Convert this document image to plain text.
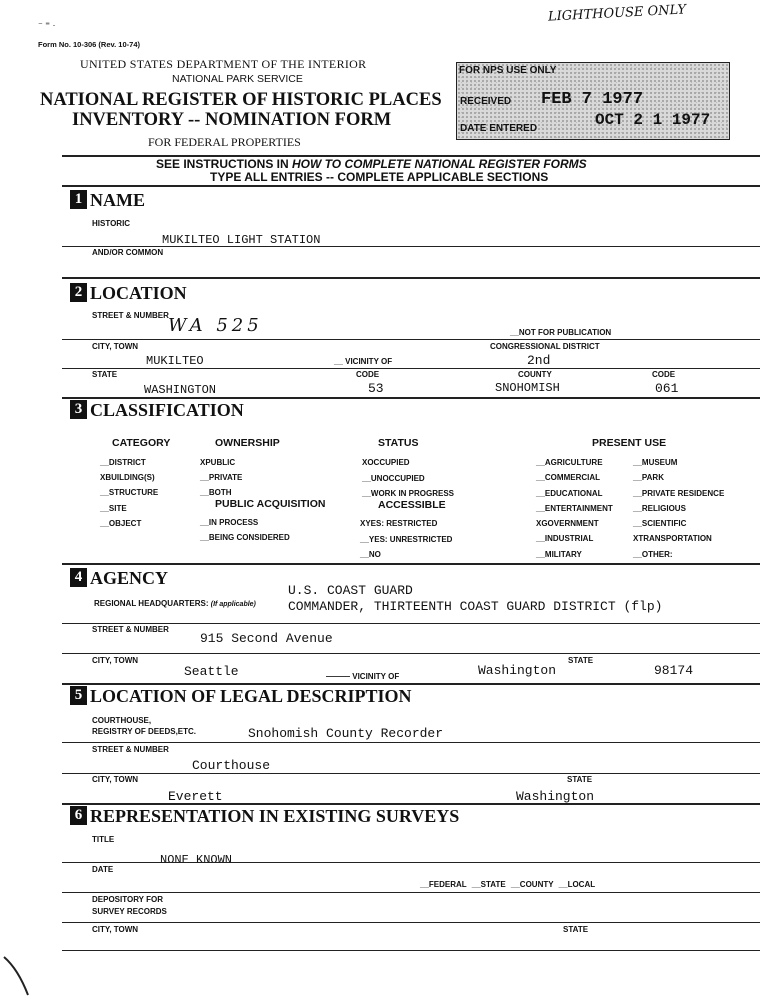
LIGHTHOUSE ONLY
⁻ ⁼ ·
Form No. 10-306 (Rev. 10-74)
UNITED STATES DEPARTMENT OF THE INTERIOR
NATIONAL PARK SERVICE
NATIONAL REGISTER OF HISTORIC PLACES
INVENTORY -- NOMINATION FORM
FOR FEDERAL PROPERTIES
FOR NPS USE ONLY
RECEIVED FEB 7 1977
DATE ENTERED	OCT 2 1 1977
SEE INSTRUCTIONS IN HOW TO COMPLETE NATIONAL REGISTER FORMS
TYPE ALL ENTRIES -- COMPLETE APPLICABLE SECTIONS
1 NAME
HISTORIC
MUKILTEO LIGHT STATION
AND/OR COMMON
2 LOCATION
STREET & NUMBER WA 525	__NOT FOR PUBLICATION
CITY, TOWN	CONGRESSIONAL DISTRICT
MUKILTEO	__ VICINITY OF	2nd
STATE	CODE	COUNTY	CODE
WASHINGTON	53	SNOHOMISH	061
3 CLASSIFICATION
CATEGORY
__DISTRICT
XBUILDING(S)
__STRUCTURE
__SITE
__OBJECT
OWNERSHIP
XPUBLIC
__PRIVATE
__BOTH
PUBLIC ACQUISITION
__IN PROCESS
__BEING CONSIDERED
STATUS
XOCCUPIED
__UNOCCUPIED
__WORK IN PROGRESS
ACCESSIBLE
XYES: RESTRICTED
__YES: UNRESTRICTED
__NO
PRESENT USE
__AGRICULTURE
__COMMERCIAL
__EDUCATIONAL
__ENTERTAINMENT
XGOVERNMENT
__INDUSTRIAL
__MILITARY
__MUSEUM
__PARK
__PRIVATE RESIDENCE
__RELIGIOUS
__SCIENTIFIC
XTRANSPORTATION
__OTHER:
4 AGENCY
U.S. COAST GUARD
REGIONAL HEADQUARTERS: (If applicable) COMMANDER, THIRTEENTH COAST GUARD DISTRICT (flp)
STREET & NUMBER
915 Second Avenue
CITY, TOWN	STATE
Seattle	——— VICINITY OF	Washington	98174
5 LOCATION OF LEGAL DESCRIPTION
COURTHOUSE,
REGISTRY OF DEEDS,ETC.	Snohomish County Recorder
STREET & NUMBER
Courthouse
CITY, TOWN	STATE
Everett	Washington
6 REPRESENTATION IN EXISTING SURVEYS
TITLE
NONE KNOWN
DATE
__FEDERAL __STATE __COUNTY __LOCAL
DEPOSITORY FOR
SURVEY RECORDS
CITY, TOWN	STATE
